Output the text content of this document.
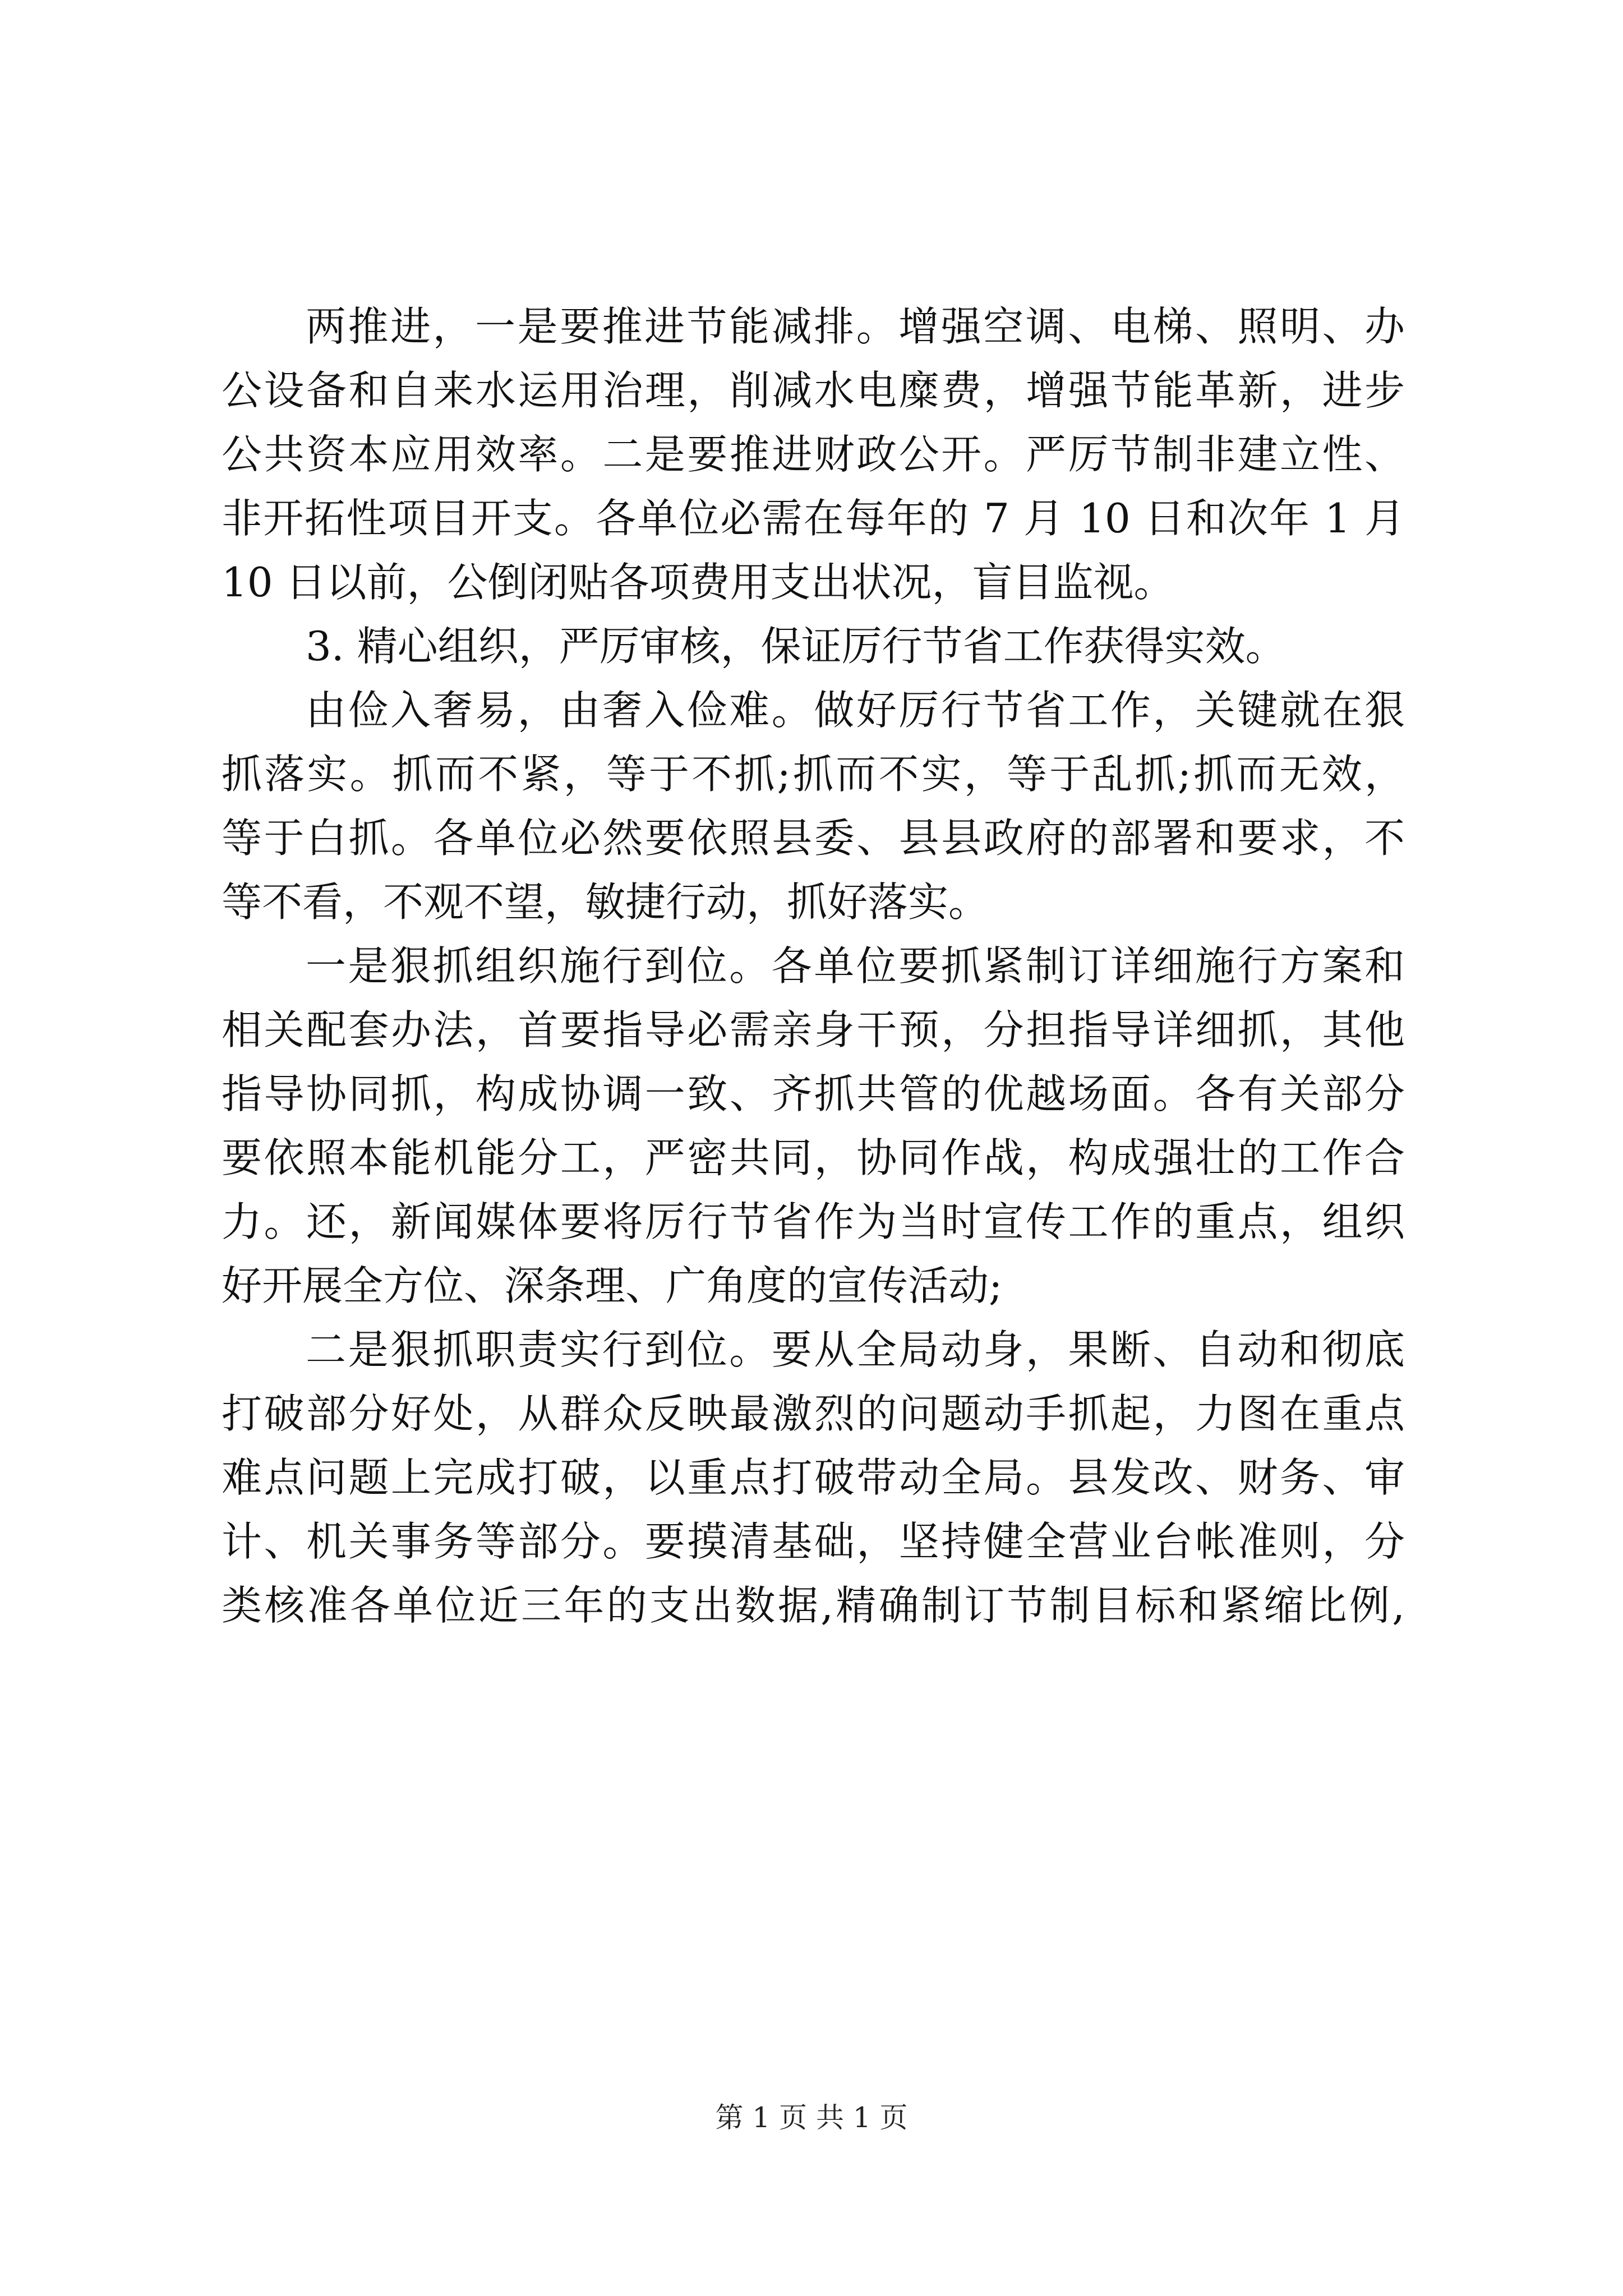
两推进，一是要推进节能减排。增强空调、电梯、照明、办
公设备和自来水运用治理，削减水电糜费，增强节能革新，进步
公共资本应用效率。二是要推进财政公开。严厉节制非建立性、
非开拓性项目开支。各单位必需在每年的 7 月 10 日和次年 1 月
10 日以前，公倒闭贴各项费用支出状况，盲目监视。
3. 精心组织，严厉审核，保证厉行节省工作获得实效。
由俭入奢易，由奢入俭难。做好厉行节省工作，关键就在狠
抓落实。抓而不紧，等于不抓;抓而不实，等于乱抓;抓而无效，
等于白抓。各单位必然要依照县委、县县政府的部署和要求，不
等不看，不观不望，敏捷行动，抓好落实。
一是狠抓组织施行到位。各单位要抓紧制订详细施行方案和
相关配套办法，首要指导必需亲身干预，分担指导详细抓，其他
指导协同抓，构成协调一致、齐抓共管的优越场面。各有关部分
要依照本能机能分工，严密共同，协同作战，构成强壮的工作合
力。还，新闻媒体要将厉行节省作为当时宣传工作的重点，组织
好开展全方位、深条理、广角度的宣传活动;
二是狠抓职责实行到位。要从全局动身，果断、自动和彻底
打破部分好处，从群众反映最激烈的问题动手抓起，力图在重点
难点问题上完成打破，以重点打破带动全局。县发改、财务、审
计、机关事务等部分。要摸清基础，坚持健全营业台帐准则，分
类核准各单位近三年的支出数据,精确制订节制目标和紧缩比例,
第 1 页 共 1 页
